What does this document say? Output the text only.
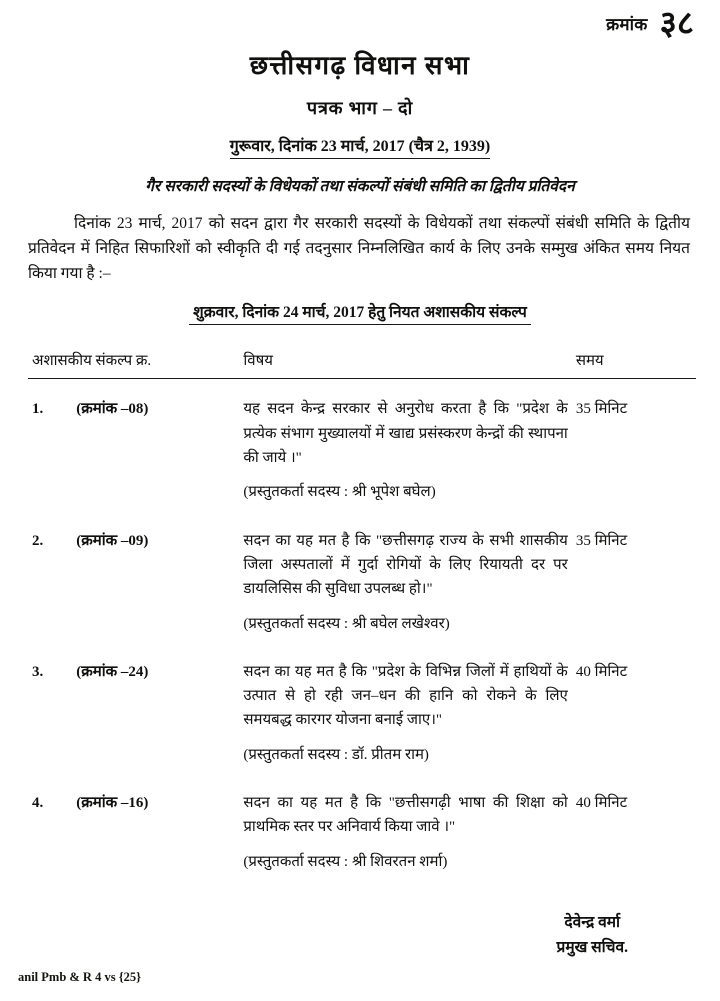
क्रमांक ३८
छत्तीसगढ़ विधान सभा
पत्रक भाग – दो
गुरूवार, दिनांक 23 मार्च, 2017 (चैत्र 2, 1939)
गैर सरकारी सदस्यों के विधेयकों तथा संकल्पों संबंधी समिति का द्वितीय प्रतिवेदन

दिनांक 23 मार्च, 2017 को सदन द्वारा गैर सरकारी सदस्यों के विधेयकों तथा संकल्पों संबंधी समिति के द्वितीय प्रतिवेदन में निहित सिफारिशों को स्वीकृति दी गई तदनुसार निम्नलिखित कार्य के लिए उनके सम्मुख अंकित समय नियत किया गया है :–

शुक्रवार, दिनांक 24 मार्च, 2017 हेतु नियत अशासकीय संकल्प
अशासकीय संकल्प क्र.		विषय	समय
1.	(क्रमांक –08)	यह सदन केन्द्र सरकार से अनुरोध करता है कि "प्रदेश के प्रत्येक संभाग मुख्यालयों में खाद्य प्रसंस्करण केन्द्रों की स्थापना की जाये ।"
(प्रस्तुतकर्ता सदस्य : श्री भूपेश बघेल)	35 मिनिट
2.	(क्रमांक –09)	सदन का यह मत है कि "छत्तीसगढ़ राज्य के सभी शासकीय जिला अस्पतालों में गुर्दा रोगियों के लिए रियायती दर पर डायलिसिस की सुविधा उपलब्ध हो।"
(प्रस्तुतकर्ता सदस्य : श्री बघेल लखेश्वर)	35 मिनिट
3.	(क्रमांक –24)	सदन का यह मत है कि "प्रदेश के विभिन्न जिलों में हाथियों के उत्पात से हो रही जन–धन की हानि को रोकने के लिए समयबद्ध कारगर योजना बनाई जाए।"
(प्रस्तुतकर्ता सदस्य : डॉ. प्रीतम राम)	40 मिनिट
4.	(क्रमांक –16)	सदन का यह मत है कि "छत्तीसगढ़ी भाषा की शिक्षा को प्राथमिक स्तर पर अनिवार्य किया जावे ।"
(प्रस्तुतकर्ता सदस्य : श्री शिवरतन शर्मा)	40 मिनिट
देवेन्द्र वर्मा
प्रमुख सचिव.
anil Pmb & R 4 vs {25}
